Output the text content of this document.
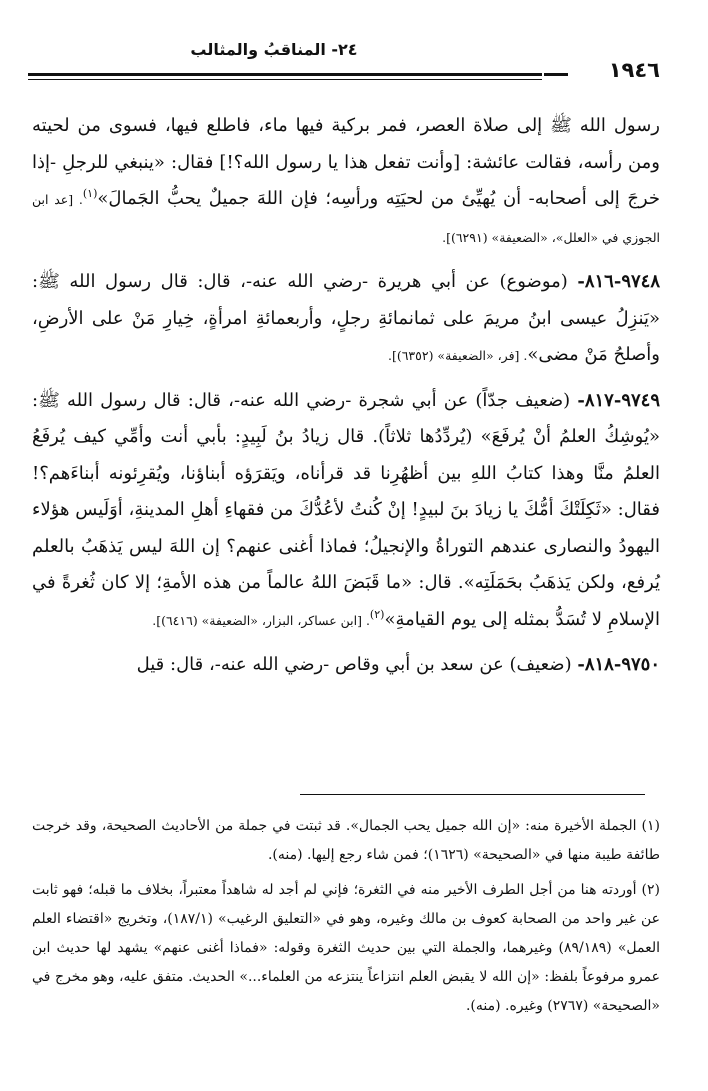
١٩٤٦
٢٤- المناقبُ والمثالب

رسول الله ﷺ إلى صلاة العصر، فمر بركية فيها ماء، فاطلع فيها، فسوى من لحيته ومن رأسه، فقالت عائشة: [وأنت تفعل هذا يا رسول الله؟!] فقال: «ينبغي للرجلِ -إذا خرجَ إلى أصحابه- أن يُهيِّئ من لحيَتِه ورأسِه؛ فإن اللهَ جميلٌ يحبُّ الجَمالَ»$^{(١)}$. [عد ابن الجوزي في «العلل»، «الضعيفة» (٦٢٩١)].

٩٧٤٨-٨١٦- (موضوع) عن أبي هريرة -رضي الله عنه-، قال: قال رسول الله ﷺ: «يَنزِلُ عيسى ابنُ مريمَ على ثمانمائةِ رجلٍ، وأربعمائةِ امرأةٍ، خِيارِ مَنْ على الأرضِ، وأصلحُ مَنْ مضى». [فر، «الضعيفة» (٦٣٥٢)].

٩٧٤٩-٨١٧- (ضعيف جدّاً) عن أبي شجرة -رضي الله عنه-، قال: قال رسول الله ﷺ: «يُوشِكُ العلمُ أنْ يُرفَعَ» (يُردِّدُها ثلاثاً). قال زيادُ بنُ لَبِيدٍ: بأبي أنت وأمِّي كيف يُرفَعُ العلمُ منَّا وهذا كتابُ اللهِ بين أظهُرِنا قد قرأناه، ويَقرَؤه أبناؤنا، ويُقرِئونه أبناءَهم؟! فقال: «ثَكِلَتْكَ أمُّكَ يا زيادَ بنَ لبيدٍ! إنْ كُنتُ لأعُدُّكَ من فقهاءِ أهلِ المدينةِ، أوَلَيس هؤلاء اليهودُ والنصارى عندهم التوراةُ والإنجيلُ؛ فماذا أغنى عنهم؟ إن اللهَ ليس يَذهَبُ بالعلم يُرفع، ولكن يَذهَبُ بحَمَلَتِه». قال: «ما قَبَضَ اللهُ عالماً من هذه الأمةِ؛ إلا كان ثُغرةً في الإسلامِ لا تُسَدُّ بمثله إلى يوم القيامةِ»$^{(٢)}$. [ابن عساكر، البزار، «الضعيفة» (٦٤١٦)].

٩٧٥٠-٨١٨- (ضعيف) عن سعد بن أبي وقاص -رضي الله عنه-، قال: قيل

(١) الجملة الأخيرة منه: «إن الله جميل يحب الجمال». قد ثبتت في جملة من الأحاديث الصحيحة، وقد خرجت طائفة طيبة منها في «الصحيحة» (١٦٢٦)؛ فمن شاء رجع إليها. (منه).

(٢) أوردته هنا من أجل الطرف الأخير منه في الثغرة؛ فإني لم أجد له شاهداً معتبراً، بخلاف ما قبله؛ فهو ثابت عن غير واحد من الصحابة كعوف بن مالك وغيره، وهو في «التعليق الرغيب» (١٨٧/١)، وتخريج «اقتضاء العلم العمل» (٨٩/١٨٩) وغيرهما، والجملة التي بين حديث الثغرة وقوله: «فماذا أغنى عنهم» يشهد لها حديث ابن عمرو مرفوعاً بلفظ: «إن الله لا يقبض العلم انتزاعاً ينتزعه من العلماء...» الحديث. متفق عليه، وهو مخرج في «الصحيحة» (٢٧٦٧) وغيره. (منه).
